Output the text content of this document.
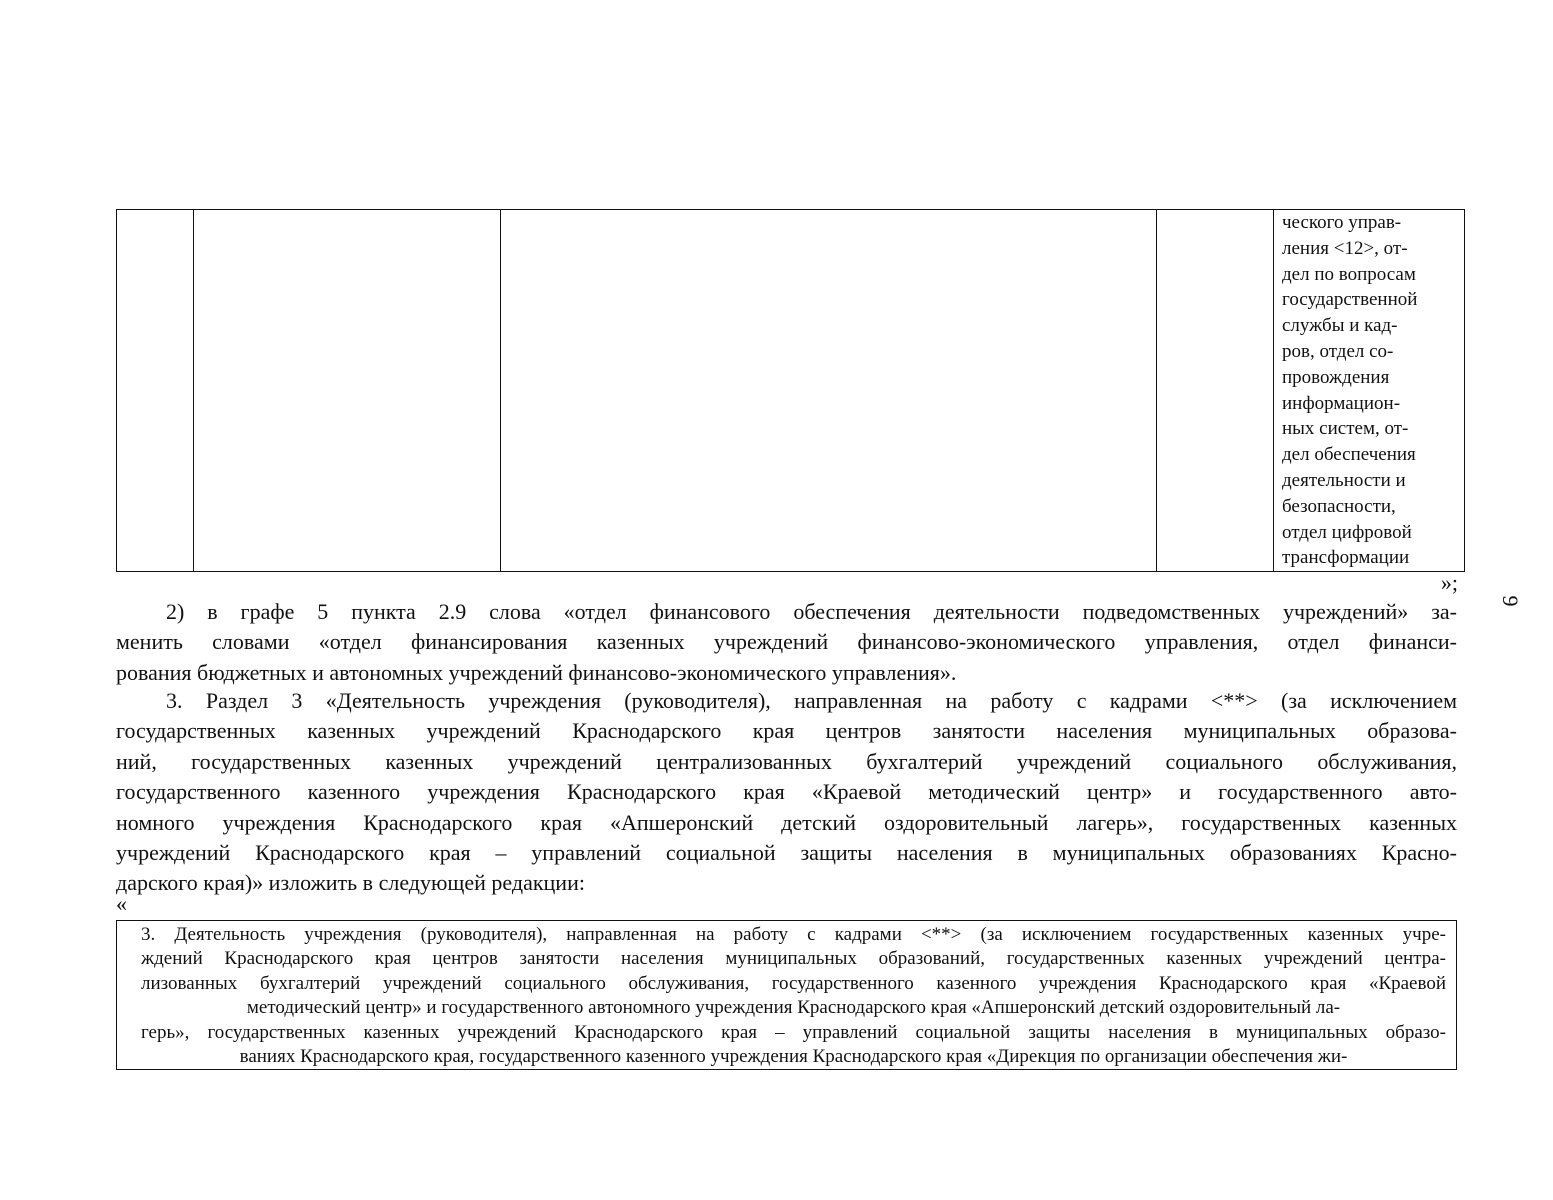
9

ческого управ-
ления <12>, от-
дел по вопросам
государственной
службы и кад-
ров, отдел со-
провождения
информацион-
ных систем, от-
дел обеспечения
деятельности и
безопасности,
отдел цифровой
трансформации
»;
2) в графе 5 пункта 2.9 слова «отдел финансового обеспечения деятельности подведомственных учреждений» за-
менить словами «отдел финансирования казенных учреждений финансово-экономического управления, отдел финанси-
рования бюджетных и автономных учреждений финансово-экономического управления».
3. Раздел 3 «Деятельность учреждения (руководителя), направленная на работу с кадрами <**> (за исключением
государственных казенных учреждений Краснодарского края центров занятости населения муниципальных образова-
ний, государственных казенных учреждений централизованных бухгалтерий учреждений социального обслуживания,
государственного казенного учреждения Краснодарского края «Краевой методический центр» и государственного авто-
номного учреждения Краснодарского края «Апшеронский детский оздоровительный лагерь», государственных казенных
учреждений Краснодарского края – управлений социальной защиты населения в муниципальных образованиях Красно-
дарского края)» изложить в следующей редакции:
«
3. Деятельность учреждения (руководителя), направленная на работу с кадрами <**> (за исключением государственных казенных учре-
ждений Краснодарского края центров занятости населения муниципальных образований, государственных казенных учреждений центра-
лизованных бухгалтерий учреждений социального обслуживания, государственного казенного учреждения Краснодарского края «Краевой
методический центр» и государственного автономного учреждения Краснодарского края «Апшеронский детский оздоровительный ла-
герь», государственных казенных учреждений Краснодарского края – управлений социальной защиты населения в муниципальных образо-
ваниях Краснодарского края, государственного казенного учреждения Краснодарского края «Дирекция по организации обеспечения жи-
